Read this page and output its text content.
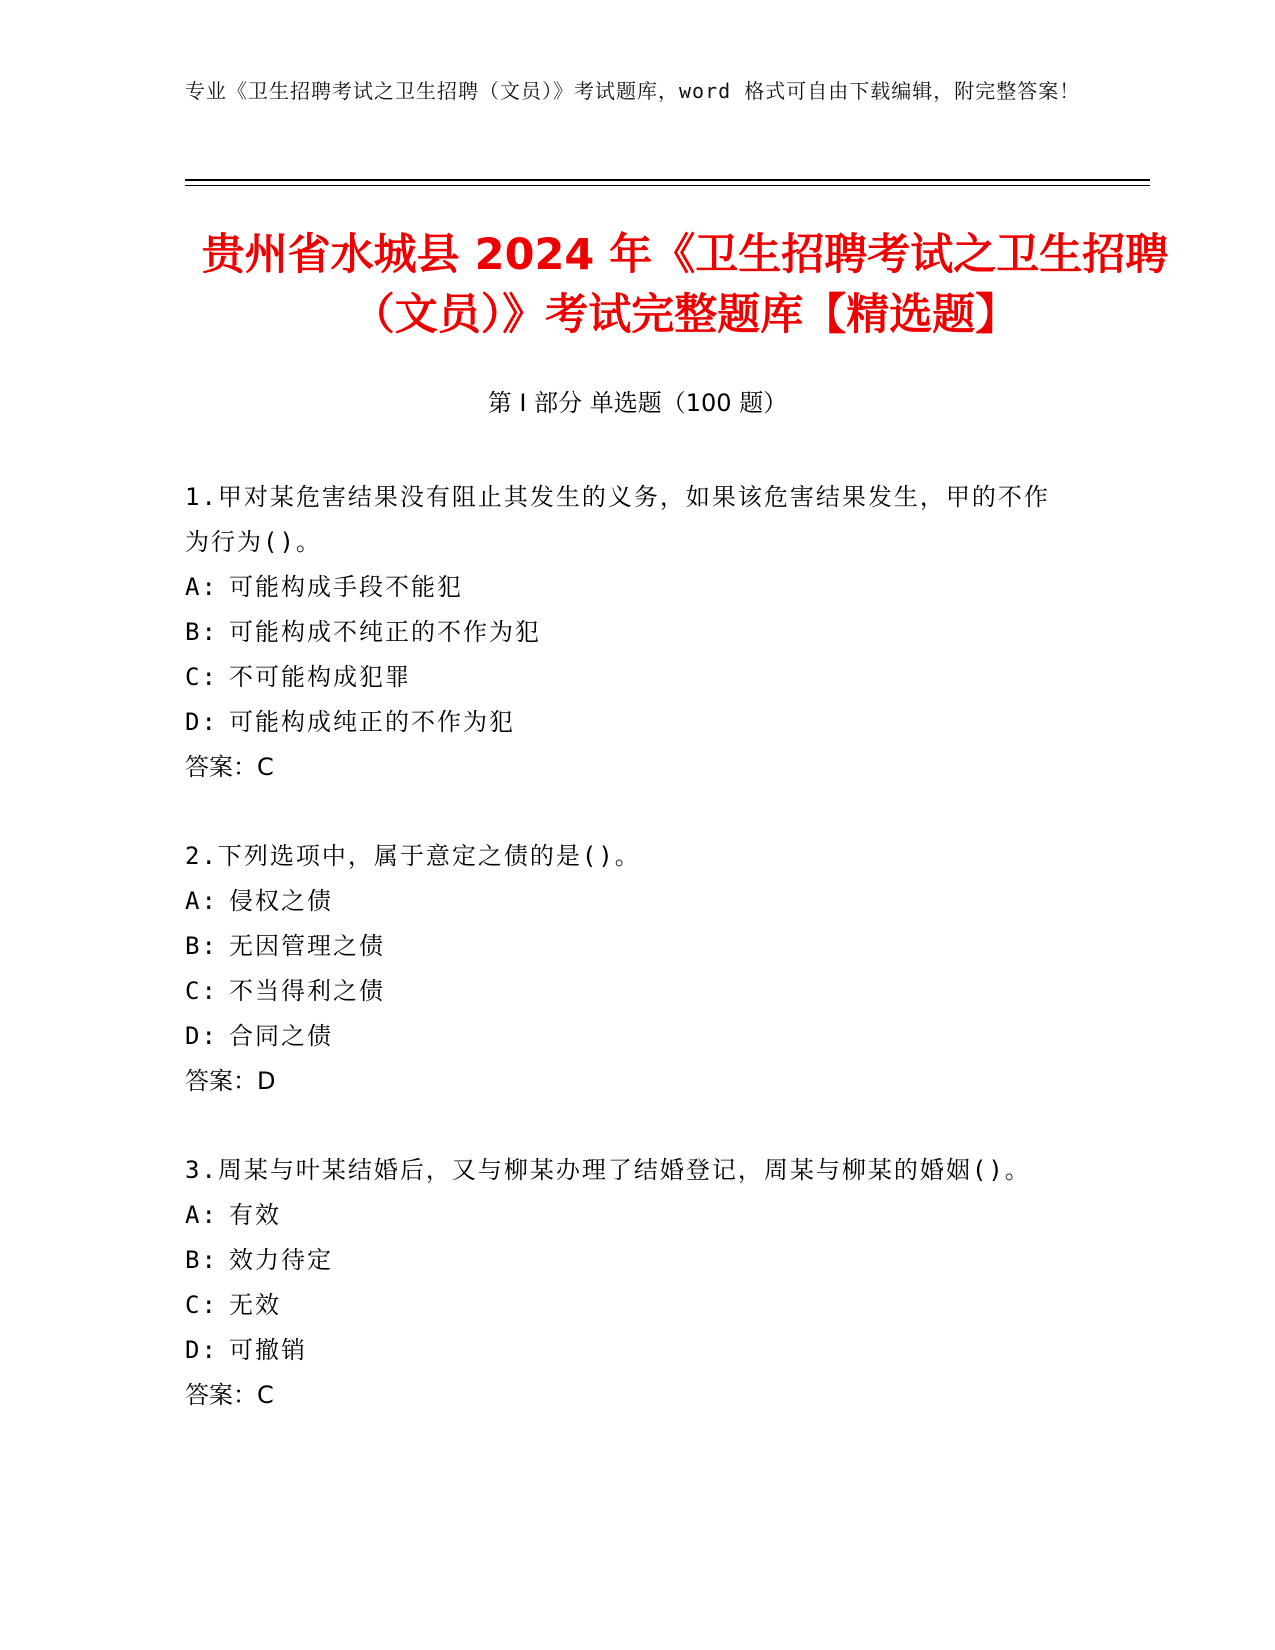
专业《卫生招聘考试之卫生招聘（文员）》考试题库，word 格式可自由下载编辑，附完整答案！
贵州省水城县 2024 年《卫生招聘考试之卫生招聘（文员）》考试完整题库【精选题】
第 I 部分 单选题（100 题）

1.甲对某危害结果没有阻止其发生的义务，如果该危害结果发生，甲的不作为行为()。

A: 可能构成手段不能犯

B: 可能构成不纯正的不作为犯

C: 不可能构成犯罪

D: 可能构成纯正的不作为犯

答案：C

2.下列选项中，属于意定之债的是()。

A: 侵权之债

B: 无因管理之债

C: 不当得利之债

D: 合同之债

答案：D

3.周某与叶某结婚后，又与柳某办理了结婚登记，周某与柳某的婚姻()。

A: 有效

B: 效力待定

C: 无效

D: 可撤销

答案：C
